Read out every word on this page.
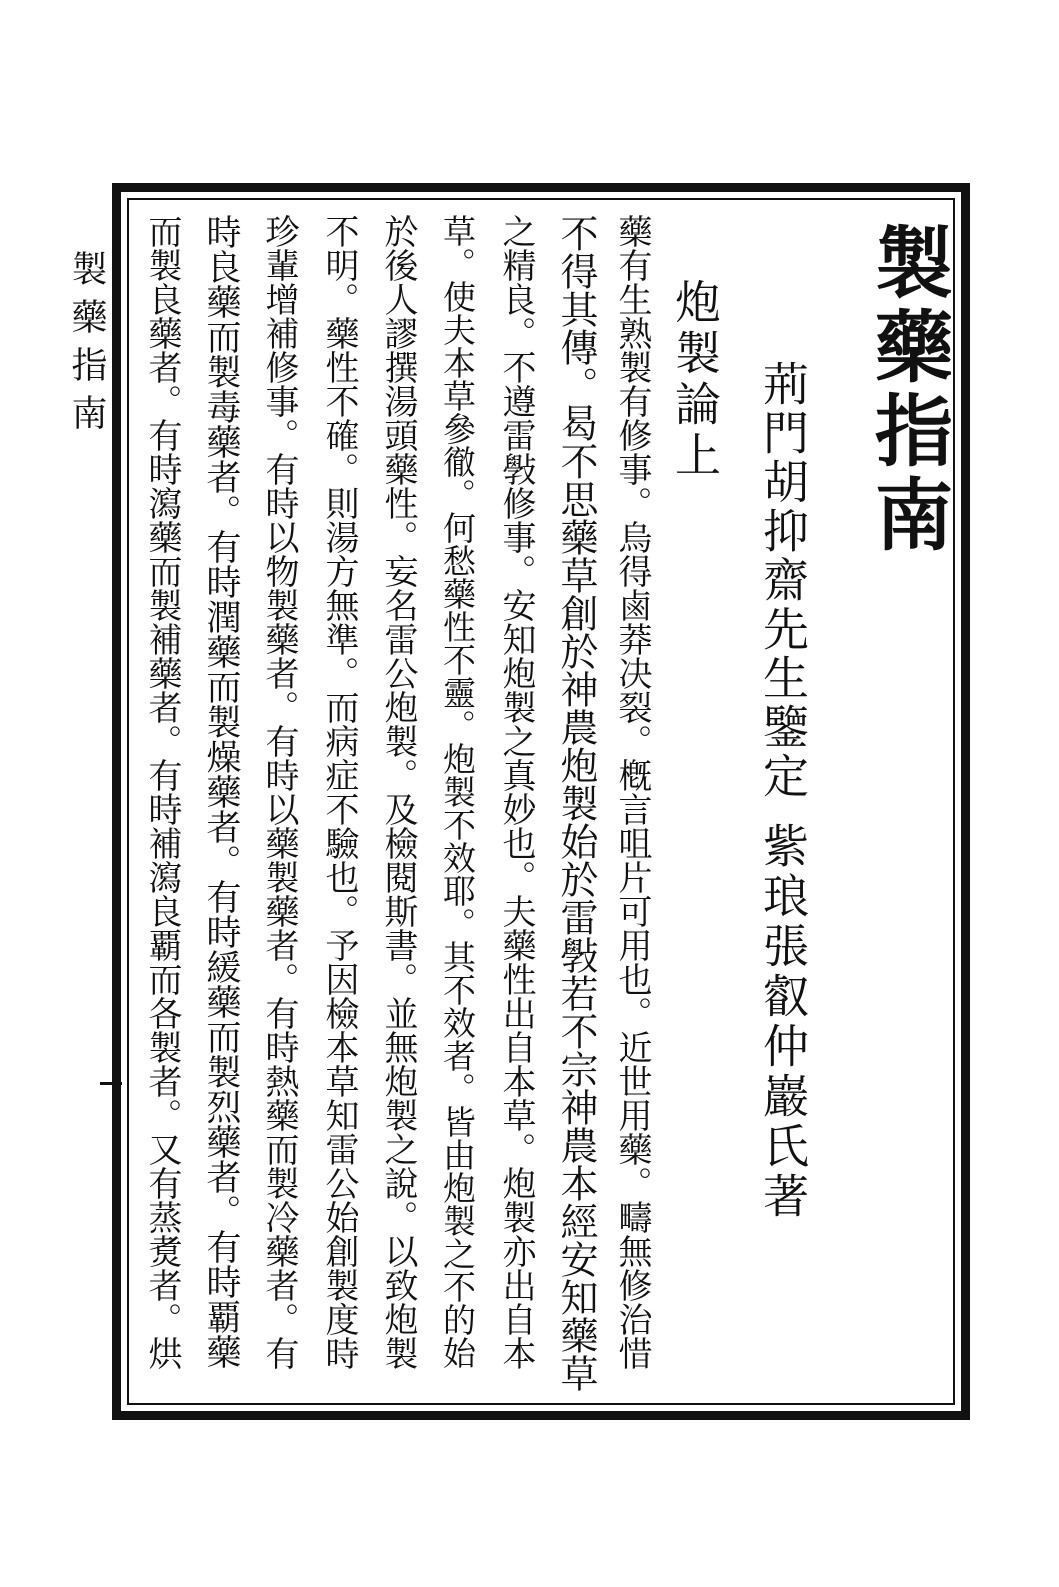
製藥指南	製藥指南
荊門胡抑齋先生鑒定
紫琅張叡仲巖氏著
炮製論上
藥有生熟製有修事。烏得鹵莽决裂。槪言咀片可用也。近世用藥。疇無修治惜
不得其傳。曷不思藥草創於神農炮製始於雷斅若不宗神農本經安知藥草
之精良。不遵雷斅修事。安知炮製之真妙也。夫藥性出自本草。炮製亦出自本
草。使夫本草參徹。何愁藥性不靈。炮製不效耶。其不效者。皆由炮製之不的始
於後人謬撰湯頭藥性。妄名雷公炮製。及檢閱斯書。並無炮製之說。以致炮製
不明。藥性不確。則湯方無準。而病症不驗也。予因檢本草知雷公始創製度時
珍輩增補修事。有時以物製藥者。有時以藥製藥者。有時熱藥而製冷藥者。有
時良藥而製毒藥者。有時潤藥而製燥藥者。有時緩藥而製烈藥者。有時覇藥
而製良藥者。有時瀉藥而製補藥者。有時補瀉良覇而各製者。又有蒸煑者。烘
